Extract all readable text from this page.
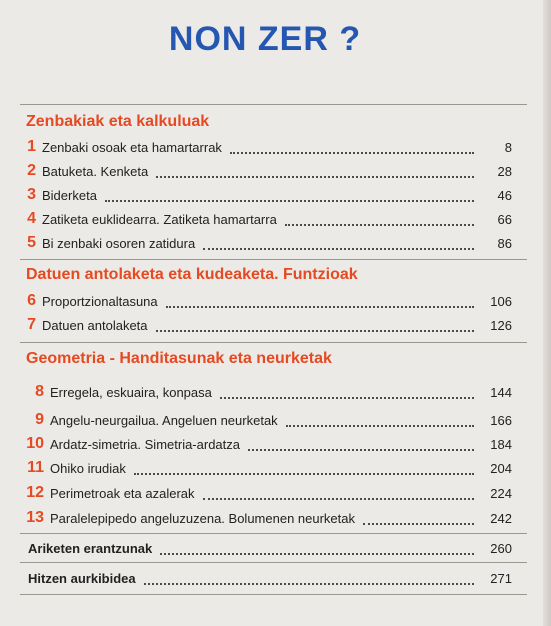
NON ZER ?
Zenbakiak eta kalkuluak
1 Zenbaki osoak eta hamartarrak	8
2 Batuketa. Kenketa	28
3 Biderketa	46
4 Zatiketa euklidearra. Zatiketa hamartarra	66
5 Bi zenbaki osoren zatidura	86
Datuen antolaketa eta kudeaketa. Funtzioak
6 Proportzionaltasuna	106
7 Datuen antolaketa	126
Geometria - Handitasunak eta neurketak
8 Erregela, eskuaira, konpasa	144
9 Angelu-neurgailua. Angeluen neurketak	166
10 Ardatz-simetria. Simetria-ardatza	184
11 Ohiko irudiak	204
12 Perimetroak eta azalerak	224
13 Paralelepipedo angeluzuzena. Bolumenen neurketak	242
Ariketen erantzunak	260
Hitzen aurkibidea	271
